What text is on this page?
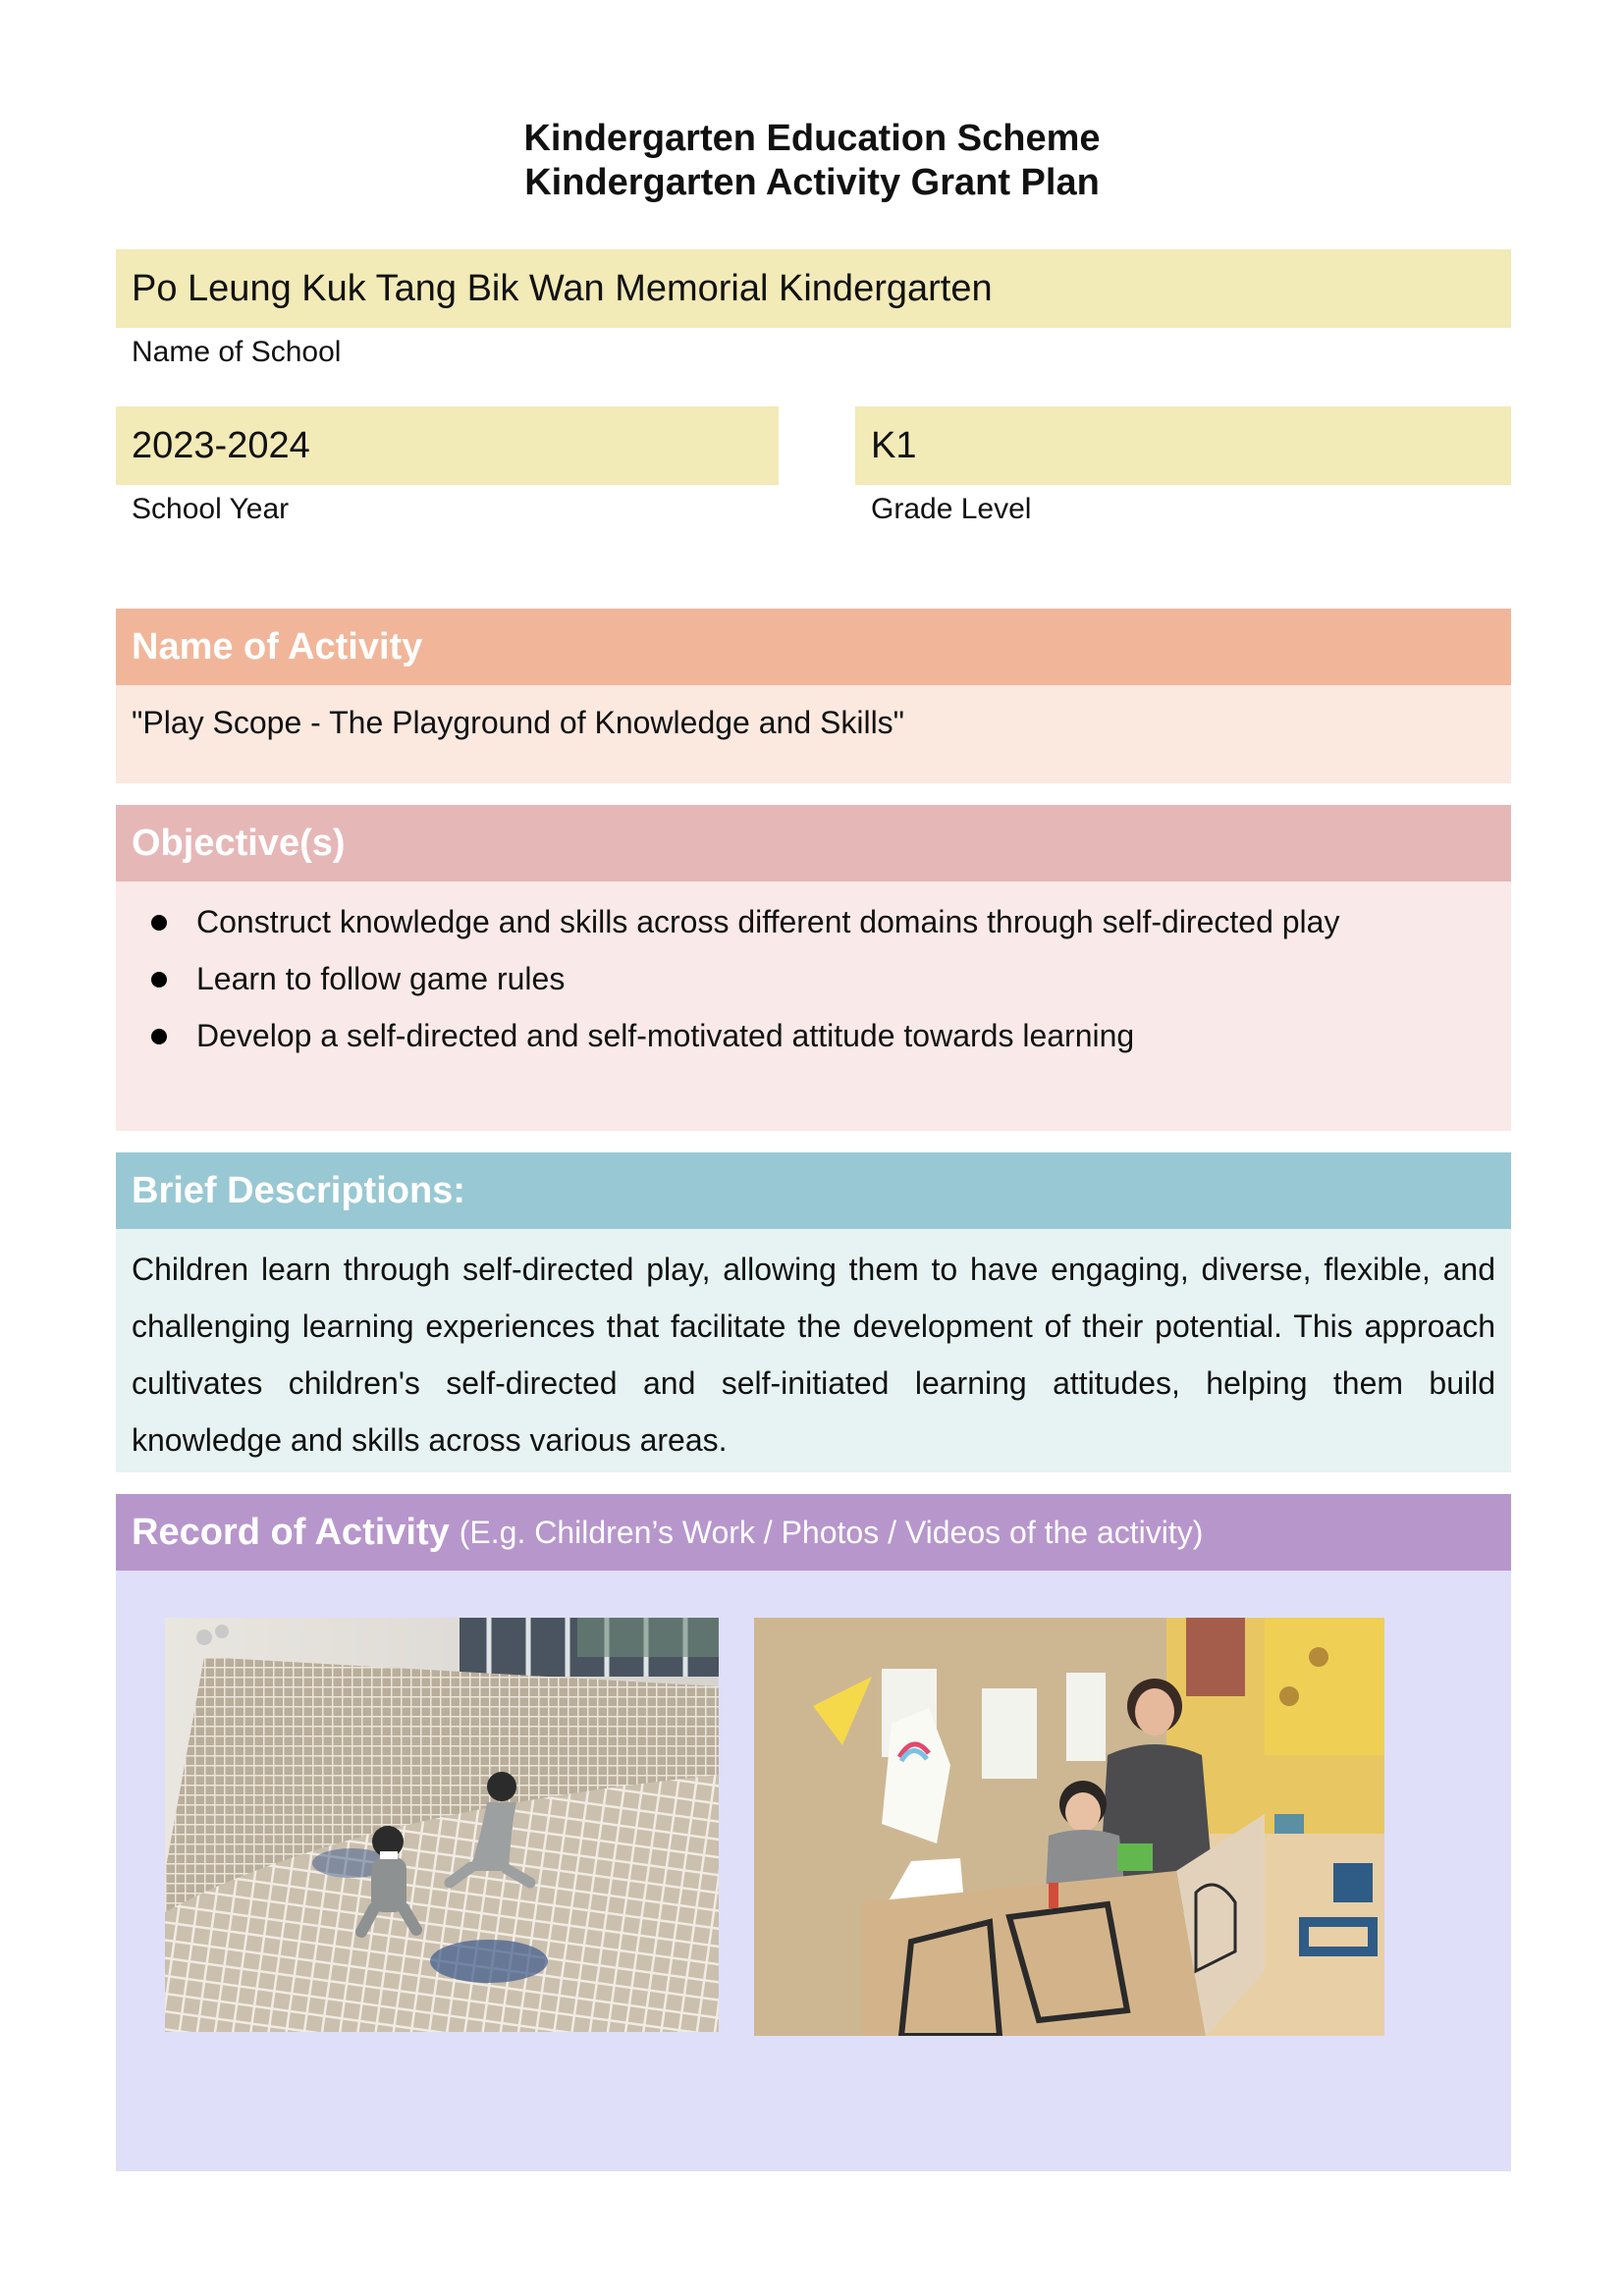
Kindergarten Education Scheme
Kindergarten Activity Grant Plan
Po Leung Kuk Tang Bik Wan Memorial Kindergarten
Name of School
2023-2024
School Year
K1
Grade Level
Name of Activity
"Play Scope - The Playground of Knowledge and Skills"
Objective(s)
Construct knowledge and skills across different domains through self-directed play
Learn to follow game rules
Develop a self-directed and self-motivated attitude towards learning
Brief Descriptions:
Children learn through self-directed play, allowing them to have engaging, diverse, flexible, and challenging learning experiences that facilitate the development of their potential. This approach cultivates children's self-directed and self-initiated learning attitudes, helping them build knowledge and skills across various areas.
Record of Activity (E.g. Children’s Work / Photos / Videos of the activity)
